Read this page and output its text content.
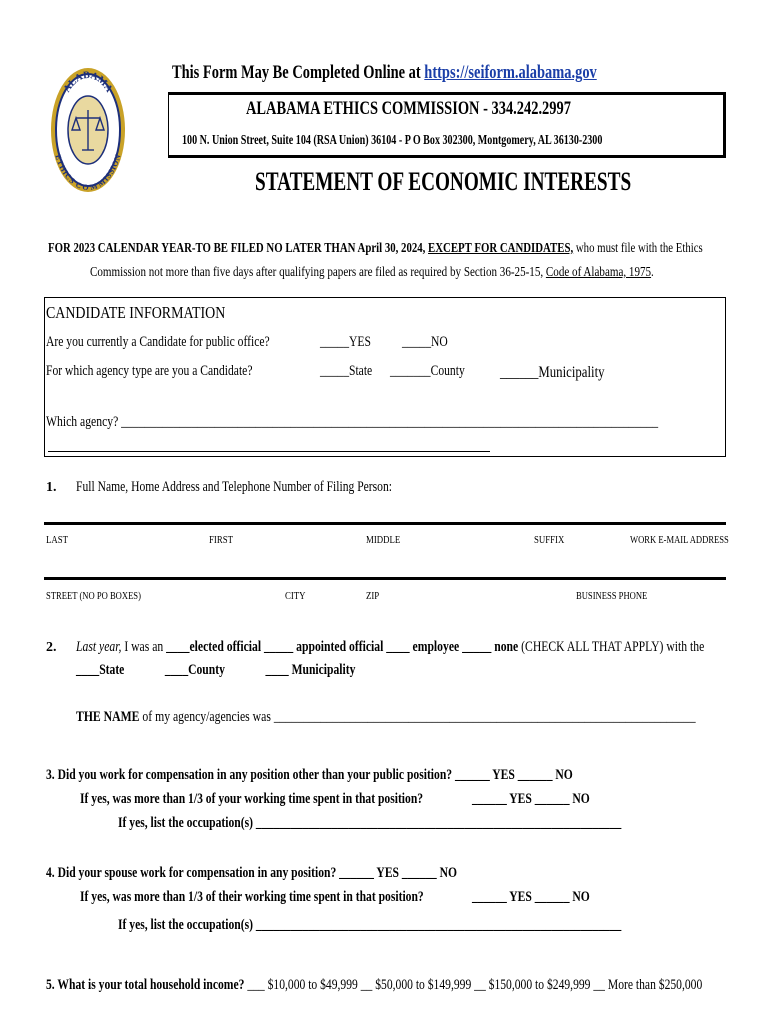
ALABAMA
ETHICS COMMISSION
This Form May Be Completed Online at https://seiform.alabama.gov
ALABAMA ETHICS COMMISSION - 334.242.2997
100 N. Union Street, Suite 104 (RSA Union) 36104 - P O Box 302300, Montgomery, AL 36130-2300
STATEMENT OF ECONOMIC INTERESTS
FOR 2023 CALENDAR YEAR-TO BE FILED NO LATER THAN April 30, 2024, EXCEPT FOR CANDIDATES, who must file with the Ethics
Commission not more than five days after qualifying papers are filed as required by Section 36-25-15, Code of Alabama, 1975.
CANDIDATE INFORMATION
Are you currently a Candidate for public office?	_____YES _____NO
For which agency type are you a Candidate?	_____State _______County ______Municipality
Which agency? ____________________________________________________________________________________________
1. Full Name, Home Address and Telephone Number of Filing Person:
LAST	FIRST	MIDDLE	SUFFIX	WORK E-MAIL ADDRESS
STREET (NO PO BOXES)	CITY	ZIP	BUSINESS PHONE
2. Last year, I was an ____elected official _____ appointed official ____ employee _____ none (CHECK ALL THAT APPLY) with the
____State              ____County              ____ Municipality
THE NAME of my agency/agencies was ________________________________________________________________________
3. Did you work for compensation in any position other than your public position? ______ YES ______ NO
If yes, was more than 1/3 of your working time spent in that position?	______ YES ______ NO
If yes, list the occupation(s) _______________________________________________________________
4. Did your spouse work for compensation in any position? ______ YES ______ NO
If yes, was more than 1/3 of their working time spent in that position?	______ YES ______ NO
If yes, list the occupation(s) _______________________________________________________________
5. What is your total household income? ___ $10,000 to $49,999 __ $50,000 to $149,999 __ $150,000 to $249,999 __ More than $250,000
